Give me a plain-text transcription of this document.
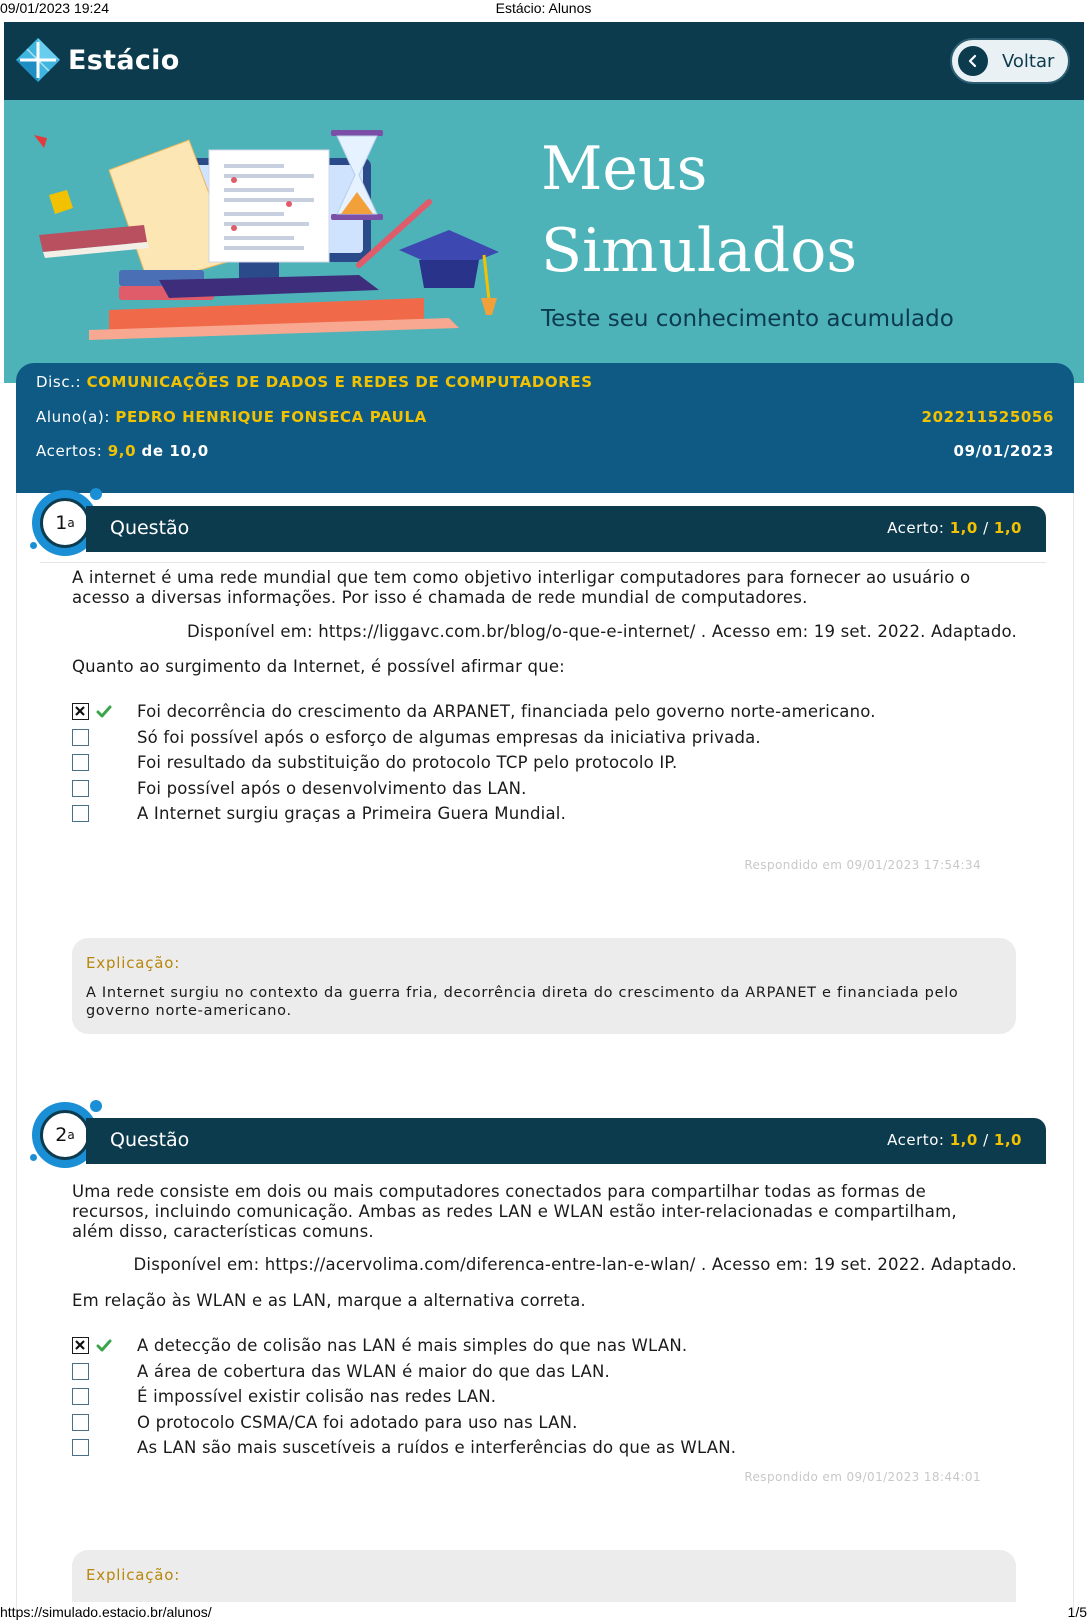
09/01/2023 19:24	Estácio: Alunos
Estácio	Voltar
Meus
Simulados
Teste seu conhecimento acumulado
Disc.: COMUNICAÇÕES DE DADOS E REDES DE COMPUTADORES
Aluno(a): PEDRO HENRIQUE FONSECA PAULA	202211525056
Acertos: 9,0 de 10,0	09/01/2023
1 a Questão	Acerto: 1,0 / 1,0
A internet é uma rede mundial que tem como objetivo interligar computadores para fornecer ao usuário o
acesso a diversas informações. Por isso é chamada de rede mundial de computadores.
Disponível em: https://liggavc.com.br/blog/o-que-e-internet/ . Acesso em: 19 set. 2022. Adaptado.
Quanto ao surgimento da Internet, é possível afirmar que:
Foi decorrência do crescimento da ARPANET, financiada pelo governo norte-americano.
Só foi possível após o esforço de algumas empresas da iniciativa privada.
Foi resultado da substituição do protocolo TCP pelo protocolo IP.
Foi possível após o desenvolvimento das LAN.
A Internet surgiu graças a Primeira Guera Mundial.
Respondido em 09/01/2023 17:54:34
Explicação:
A Internet surgiu no contexto da guerra fria, decorrência direta do crescimento da ARPANET e financiada pelo
governo norte-americano.
2 a Questão	Acerto: 1,0 / 1,0
Uma rede consiste em dois ou mais computadores conectados para compartilhar todas as formas de
recursos, incluindo comunicação. Ambas as redes LAN e WLAN estão inter-relacionadas e compartilham,
além disso, características comuns.
Disponível em: https://acervolima.com/diferenca-entre-lan-e-wlan/ . Acesso em: 19 set. 2022. Adaptado.
Em relação às WLAN e as LAN, marque a alternativa correta.
A detecção de colisão nas LAN é mais simples do que nas WLAN.
A área de cobertura das WLAN é maior do que das LAN.
É impossível existir colisão nas redes LAN.
O protocolo CSMA/CA foi adotado para uso nas LAN.
As LAN são mais suscetíveis a ruídos e interferências do que as WLAN.
Respondido em 09/01/2023 18:44:01
Explicação:
https://simulado.estacio.br/alunos/	1/5
